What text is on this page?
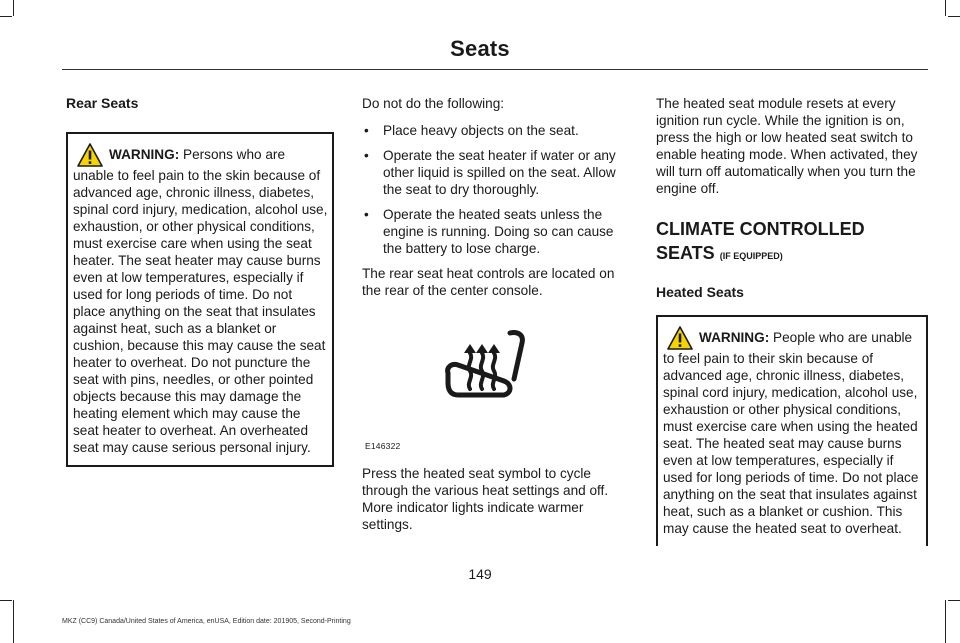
Seats

Rear Seats

WARNING: Persons who are unable to feel pain to the skin because of advanced age, chronic illness, diabetes, spinal cord injury, medication, alcohol use, exhaustion, or other physical conditions, must exercise care when using the seat heater. The seat heater may cause burns even at low temperatures, especially if used for long periods of time. Do not place anything on the seat that insulates against heat, such as a blanket or cushion, because this may cause the seat heater to overheat. Do not puncture the seat with pins, needles, or other pointed objects because this may damage the heating element which may cause the seat heater to overheat. An overheated seat may cause serious personal injury.

Do not do the following:

• Place heavy objects on the seat.
• Operate the seat heater if water or any other liquid is spilled on the seat. Allow the seat to dry thoroughly.
• Operate the heated seats unless the engine is running. Doing so can cause the battery to lose charge.

The rear seat heat controls are located on the rear of the center console.

E146322

Press the heated seat symbol to cycle through the various heat settings and off. More indicator lights indicate warmer settings.

The heated seat module resets at every ignition run cycle. While the ignition is on, press the high or low heated seat switch to enable heating mode. When activated, they will turn off automatically when you turn the engine off.

CLIMATE CONTROLLED SEATS (IF EQUIPPED)

Heated Seats

WARNING: People who are unable to feel pain to their skin because of advanced age, chronic illness, diabetes, spinal cord injury, medication, alcohol use, exhaustion or other physical conditions, must exercise care when using the heated seat. The heated seat may cause burns even at low temperatures, especially if used for long periods of time. Do not place anything on the seat that insulates against heat, such as a blanket or cushion. This may cause the heated seat to overheat.

149
MKZ (CC9) Canada/United States of America, enUSA, Edition date: 201905, Second-Printing
